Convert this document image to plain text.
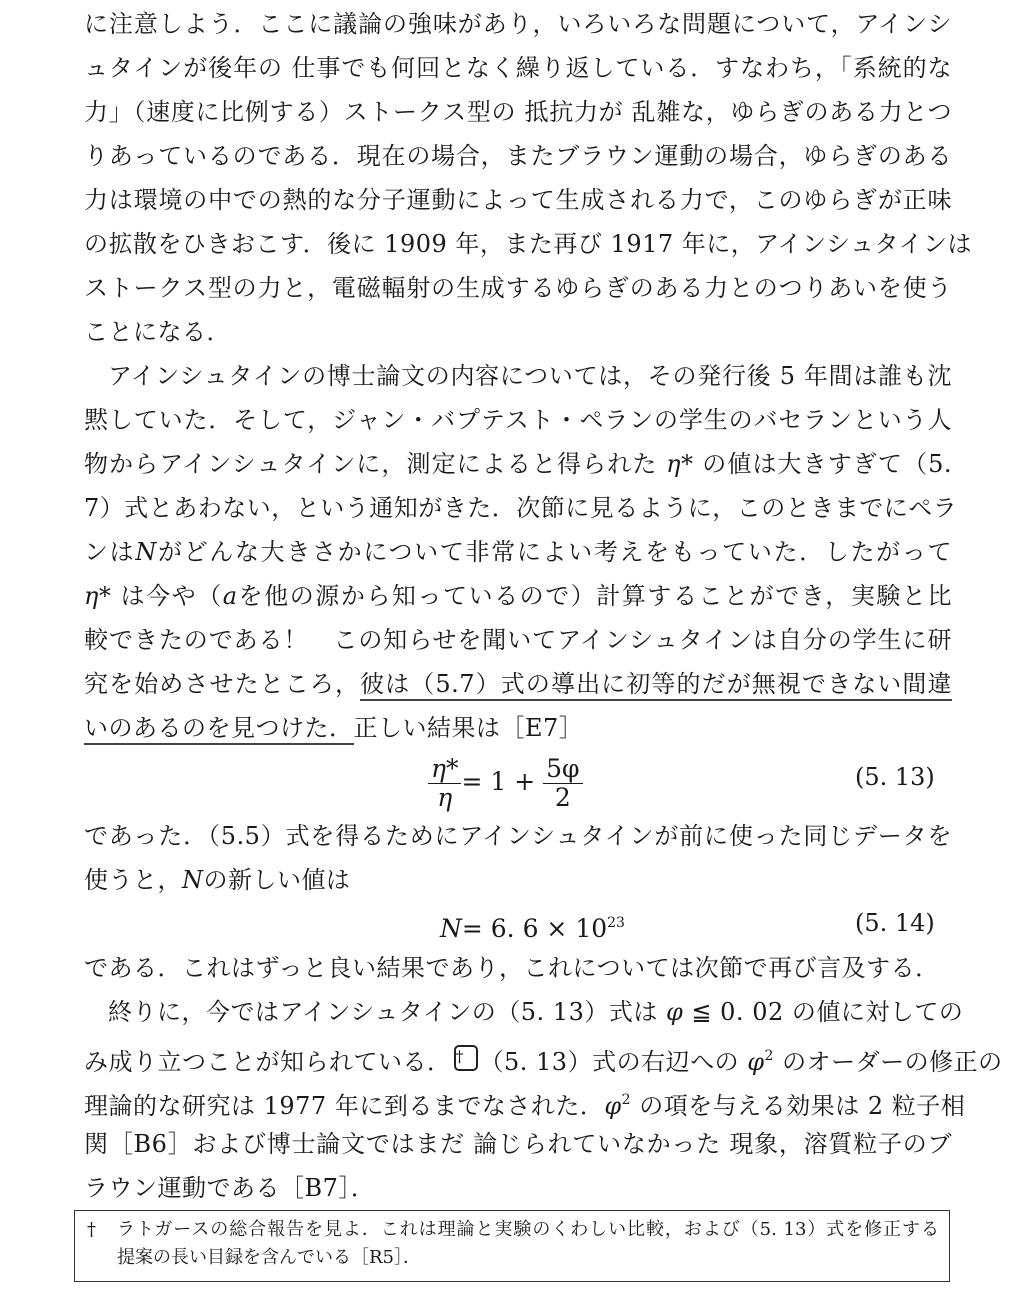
に注意しよう．ここに議論の強味があり，いろいろな問題について，アインシ
ュタインが後年の 仕事でも何回となく繰り返している．すなわち，「系統的な
力」（速度に比例する）ストークス型の 抵抗力が 乱雑な，ゆらぎのある力とつ
りあっているのである．現在の場合，またブラウン運動の場合，ゆらぎのある
力は環境の中での熱的な分子運動によって生成される力で，このゆらぎが正味
の拡散をひきおこす．後に 1909 年，また再び 1917 年に，アインシュタインは
ストークス型の力と，電磁輻射の生成するゆらぎのある力とのつりあいを使う
ことになる．
アインシュタインの博士論文の内容については，その発行後 5 年間は誰も沈
黙していた．そして，ジャン・バプテスト・ペランの学生のバセランという人
物からアインシュタインに，測定によると得られた η* の値は大きすぎて（5.
7）式とあわない，という通知がきた．次節に見るように，このときまでにペラ
ンはNがどんな大きさかについて非常によい考えをもっていた．したがって
η* は今や（aを他の源から知っているので）計算することができ，実験と比
較できたのである！　この知らせを聞いてアインシュタインは自分の学生に研
究を始めさせたところ，彼は（5.7）式の導出に初等的だが無視できない間違
いのあるのを見つけた．正しい結果は［E7］
$\frac{\eta*}{\eta} = 1 + \frac{5\varphi}{2}$	(5. 13)
であった．（5.5）式を得るためにアインシュタインが前に使った同じデータを
使うと，Nの新しい値は
N= 6. $6 \times 10^{23}$	(5. 14)
である．これはずっと良い結果であり，これについては次節で再び言及する．
終りに，今ではアインシュタインの（5. 13）式は φ ≦ 0. 02 の値に対しての
み成り立つことが知られている． † （5. 13）式の右辺への $\varphi^2$ のオーダーの修正の
理論的な研究は 1977 年に到るまでなされた．$\varphi^2$ の項を与える効果は 2 粒子相
関［B6］および博士論文ではまだ 論じられていなかった 現象，溶質粒子のブ
ラウン運動である［B7］．
† ラトガースの総合報告を見よ．これは理論と実験のくわしい比較，および（5. 13）式を修正する
提案の長い目録を含んでいる［R5］．
